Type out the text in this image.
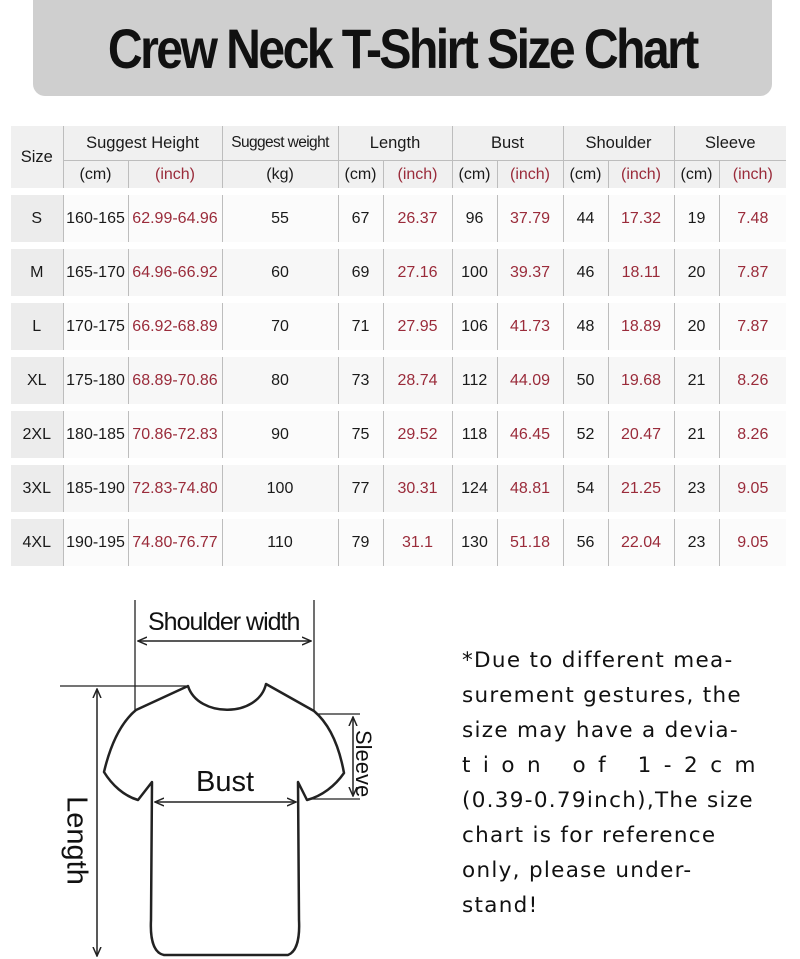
Crew Neck T-Shirt Size Chart
Size	Suggest Height		Suggest weight	Length		Bust		Shoulder		Sleeve	
	(cm)	(inch)	(kg)	(cm)	(inch)	(cm)	(inch)	(cm)	(inch)	(cm)	(inch)
S	160-165	62.99-64.96	55	67	26.37	96	37.79	44	17.32	19	7.48
M	165-170	64.96-66.92	60	69	27.16	100	39.37	46	18.11	20	7.87
L	170-175	66.92-68.89	70	71	27.95	106	41.73	48	18.89	20	7.87
XL	175-180	68.89-70.86	80	73	28.74	112	44.09	50	19.68	21	8.26
2XL	180-185	70.86-72.83	90	75	29.52	118	46.45	52	20.47	21	8.26
3XL	185-190	72.83-74.80	100	77	30.31	124	48.81	54	21.25	23	9.05
4XL	190-195	74.80-76.77	110	79	31.1	130	51.18	56	22.04	23	9.05
Shoulder width
Bust
Length
Sleeve
*Due to different mea-
surement gestures, the
size may have a devia-
tion of 1-2cm
(0.39-0.79inch),The size
chart is for reference
only, please under-
stand!
